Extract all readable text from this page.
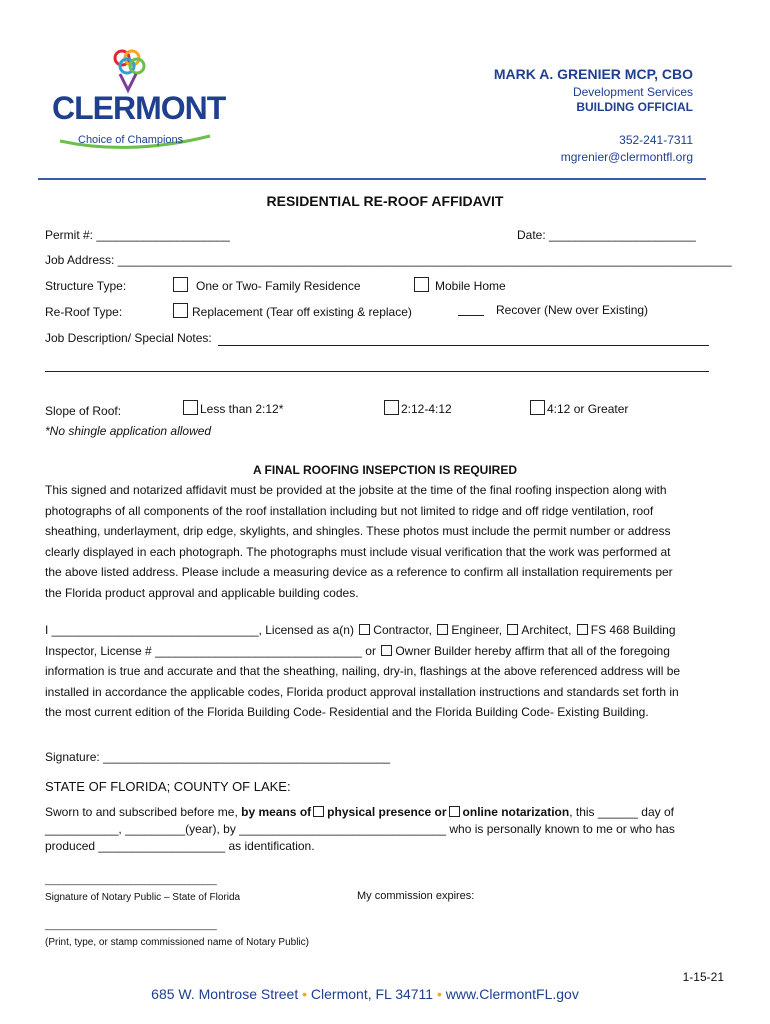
CLERMONT
Choice of Champions
MARK A. GRENIER MCP, CBO
Development Services
BUILDING OFFICIAL
352-241-7311
mgrenier@clermontfl.org
RESIDENTIAL RE-ROOF AFFIDAVIT
Permit #: ____________________	Date: ______________________
Job Address: ____________________________________________________________________________________________
Structure Type:	One or Two- Family Residence	Mobile Home
Re-Roof Type:	Replacement (Tear off existing & replace)	Recover (New over Existing)
Job Description/ Special Notes:
Slope of Roof:	Less than 2:12*	2:12-4:12	4:12 or Greater
*No shingle application allowed
A FINAL ROOFING INSEPCTION IS REQUIRED
This signed and notarized affidavit must be provided at the jobsite at the time of the final roofing inspection along with
photographs of all components of the roof installation including but not limited to ridge and off ridge ventilation, roof
sheathing, underlayment, drip edge, skylights, and shingles. These photos must include the permit number or address
clearly displayed in each photograph. The photographs must include visual verification that the work was performed at
the above listed address. Please include a measuring device as a reference to confirm all installation requirements per
the Florida product approval and applicable building codes.
I _______________________________, Licensed as a(n) Contractor, Engineer, Architect, FS 468 Building
Inspector, License # _______________________________ or Owner Builder hereby affirm that all of the foregoing
information is true and accurate and that the sheathing, nailing, dry-in, flashings at the above referenced address will be
installed in accordance the applicable codes, Florida product approval installation instructions and standards set forth in
the most current edition of the Florida Building Code- Residential and the Florida Building Code- Existing Building.
Signature: ___________________________________________
STATE OF FLORIDA; COUNTY OF LAKE:
Sworn to and subscribed before me, by means of physical presence or online notarization, this ______ day of
___________, _________(year), by _______________________________ who is personally known to me or who has
produced ___________________ as identification.
______________________________________
Signature of Notary Public – State of Florida	My commission expires:
______________________________________
(Print, type, or stamp commissioned name of Notary Public)
1-15-21
685 W. Montrose Street • Clermont, FL 34711 • www.ClermontFL.gov
